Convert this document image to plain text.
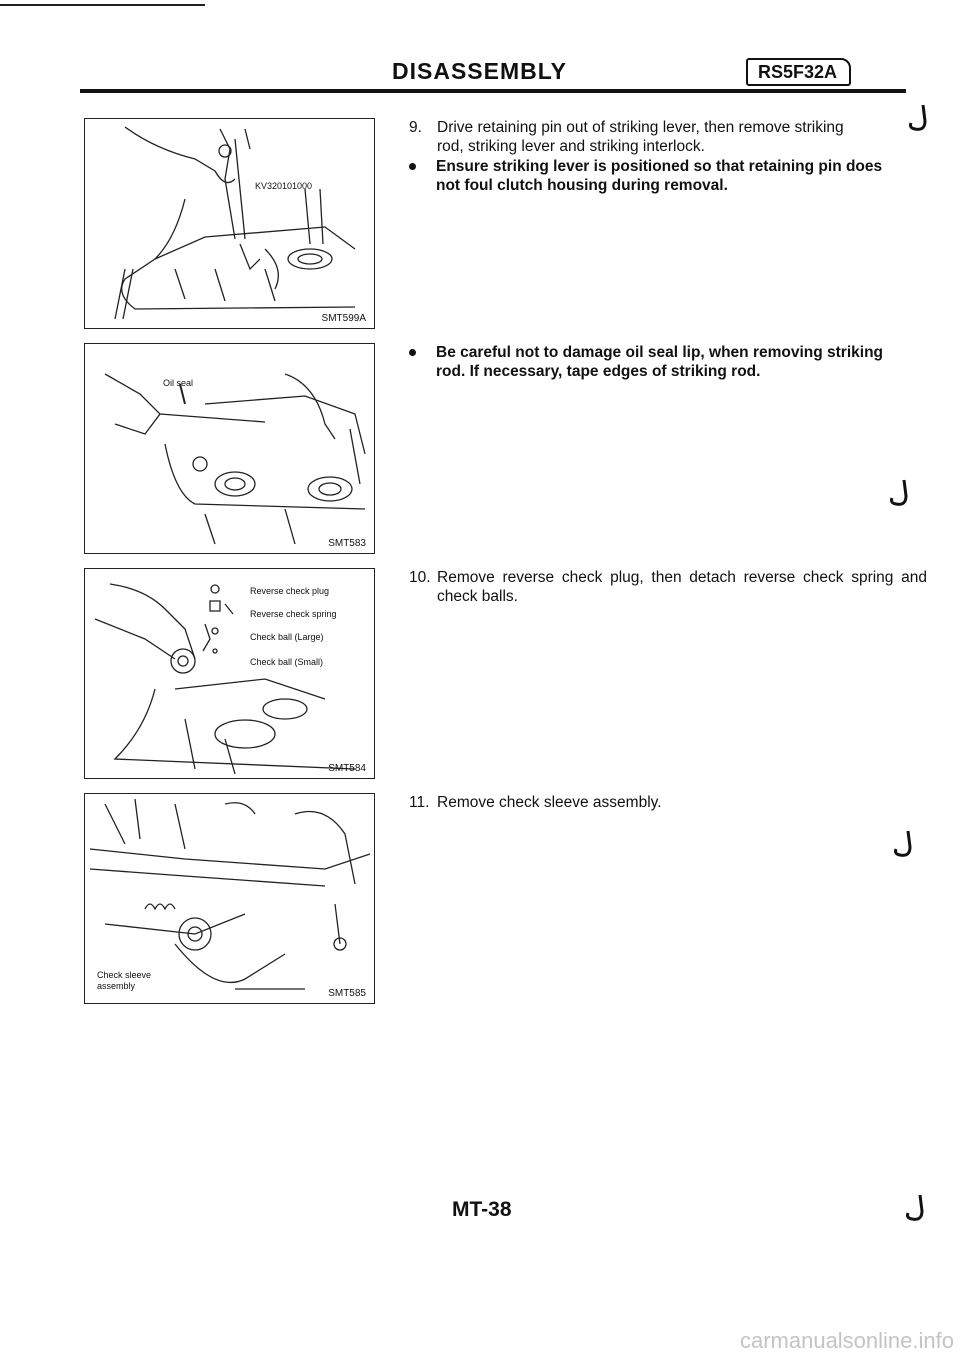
DISASSEMBLY	RS5F32A
KV320101000
SMT599A
Oil seal
SMT583
Reverse check plug
Reverse check spring
Check ball (Large)
Check ball (Small)
SMT584
Check sleeve
assembly
SMT585
9. Drive retaining pin out of striking lever, then remove striking
rod, striking lever and striking interlock.
Ensure striking lever is positioned so that retaining pin does not foul clutch housing during removal.
Be careful not to damage oil seal lip, when removing striking rod. If necessary, tape edges of striking rod.
10. Remove reverse check plug, then detach reverse check spring and check balls.
11. Remove check sleeve assembly.
MT-38
carmanualsonline.info
